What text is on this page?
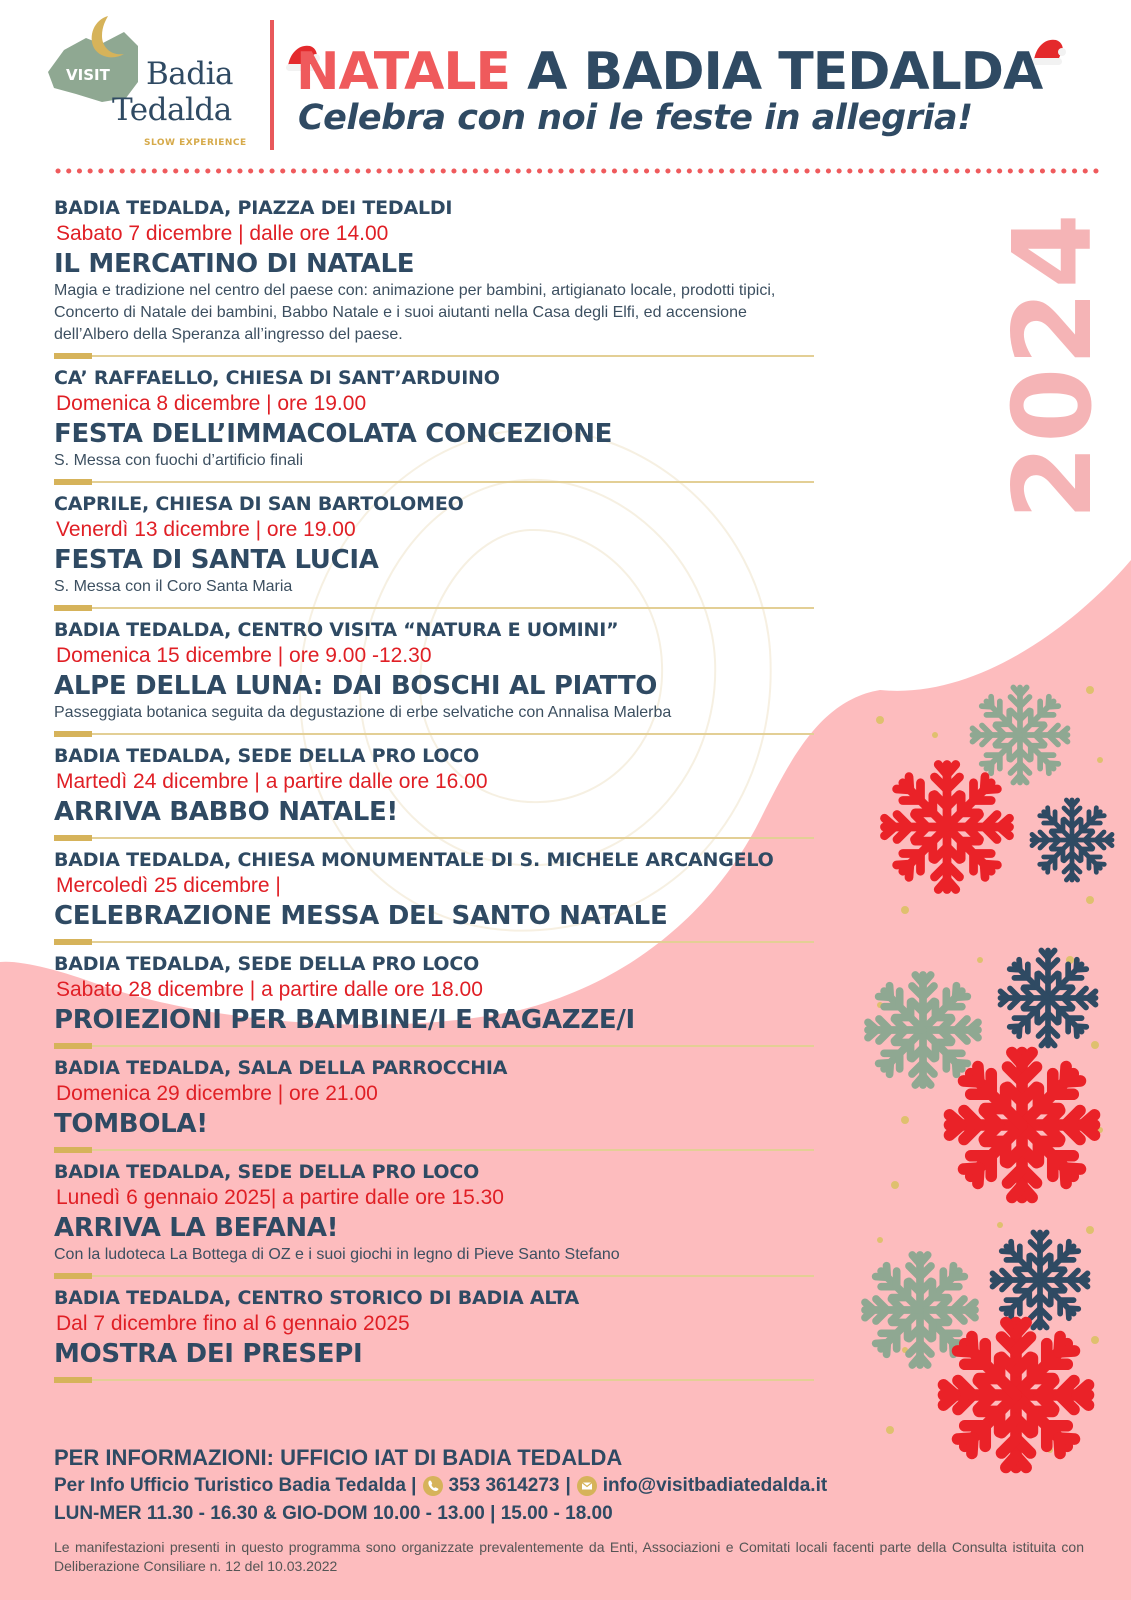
VISIT Badia
Tedalda
SLOW EXPERIENCE
NATALE A BADIA TEDALDA
Celebra con noi le feste in allegria!
2024
BADIA TEDALDA, PIAZZA DEI TEDALDI
Sabato 7 dicembre | dalle ore 14.00
IL MERCATINO DI NATALE
Magia e tradizione nel centro del paese con: animazione per bambini, artigianato locale, prodotti tipici, Concerto di Natale dei bambini, Babbo Natale e i suoi aiutanti nella Casa degli Elfi, ed accensione dell’Albero della Speranza all’ingresso del paese.
CA’ RAFFAELLO, CHIESA DI SANT’ARDUINO
Domenica 8 dicembre | ore 19.00
FESTA DELL’IMMACOLATA CONCEZIONE
S. Messa con fuochi d’artificio finali
CAPRILE, CHIESA DI SAN BARTOLOMEO
Venerdì 13 dicembre | ore 19.00
FESTA DI SANTA LUCIA
S. Messa con il Coro Santa Maria
BADIA TEDALDA, CENTRO VISITA “NATURA E UOMINI”
Domenica 15 dicembre | ore 9.00 -12.30
ALPE DELLA LUNA: DAI BOSCHI AL PIATTO
Passeggiata botanica seguita da degustazione di erbe selvatiche con Annalisa Malerba
BADIA TEDALDA, SEDE DELLA PRO LOCO
Martedì 24 dicembre | a partire dalle ore 16.00
ARRIVA BABBO NATALE!
BADIA TEDALDA, CHIESA MONUMENTALE DI S. MICHELE ARCANGELO
Mercoledì 25 dicembre |
CELEBRAZIONE MESSA DEL SANTO NATALE
BADIA TEDALDA, SEDE DELLA PRO LOCO
Sabato 28 dicembre | a partire dalle ore 18.00
PROIEZIONI PER BAMBINE/I E RAGAZZE/I
BADIA TEDALDA, SALA DELLA PARROCCHIA
Domenica 29 dicembre | ore 21.00
TOMBOLA!
BADIA TEDALDA, SEDE DELLA PRO LOCO
Lunedì 6 gennaio 2025| a partire dalle ore 15.30
ARRIVA LA BEFANA!
Con la ludoteca La Bottega di OZ e i suoi giochi in legno di Pieve Santo Stefano
BADIA TEDALDA, CENTRO STORICO DI BADIA ALTA
Dal 7 dicembre fino al 6 gennaio 2025
MOSTRA DEI PRESEPI
PER INFORMAZIONI: UFFICIO IAT DI BADIA TEDALDA
Per Info Ufficio Turistico Badia Tedalda | 353 3614273 | info@visitbadiatedalda.it
LUN-MER 11.30 - 16.30 & GIO-DOM 10.00 - 13.00 | 15.00 - 18.00
Le manifestazioni presenti in questo programma sono organizzate prevalentemente da Enti, Associazioni e Comitati locali facenti parte della Consulta istituita con Deliberazione Consiliare n. 12 del 10.03.2022
